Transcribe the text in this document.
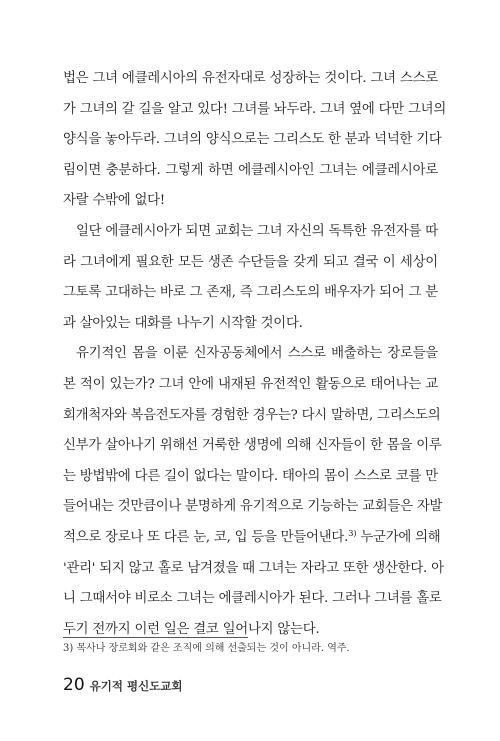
법은 그녀 에클레시아의 유전자대로 성장하는 것이다. 그녀 스스로
가 그녀의 갈 길을 알고 있다! 그녀를 놔두라. 그녀 옆에 다만 그녀의
양식을 놓아두라. 그녀의 양식으로는 그리스도 한 분과 넉넉한 기다
림이면 충분하다. 그렇게 하면 에클레시아인 그녀는 에클레시아로
자랄 수밖에 없다!
일단 에클레시아가 되면 교회는 그녀 자신의 독특한 유전자를 따
라 그녀에게 필요한 모든 생존 수단들을 갖게 되고 결국 이 세상이
그토록 고대하는 바로 그 존재, 즉 그리스도의 배우자가 되어 그 분
과 살아있는 대화를 나누기 시작할 것이다.
유기적인 몸을 이룬 신자공동체에서 스스로 배출하는 장로들을
본 적이 있는가? 그녀 안에 내재된 유전적인 활동으로 태어나는 교
회개척자와 복음전도자를 경험한 경우는? 다시 말하면, 그리스도의
신부가 살아나기 위해선 거룩한 생명에 의해 신자들이 한 몸을 이루
는 방법밖에 다른 길이 없다는 말이다. 태아의 몸이 스스로 코를 만
들어내는 것만큼이나 분명하게 유기적으로 기능하는 교회들은 자발
적으로 장로나 또 다른 눈, 코, 입 등을 만들어낸다.$^{3)}$ 누군가에 의해
'관리' 되지 않고 홀로 남겨졌을 때 그녀는 자라고 또한 생산한다. 아
니 그때서야 비로소 그녀는 에클레시아가 된다. 그러나 그녀를 홀로
두기 전까지 이런 일은 결코 일어나지 않는다.
3) 목사나 장로회와 같은 조직에 의해 선출되는 것이 아니라. 역주.
20 유기적 평신도교회
